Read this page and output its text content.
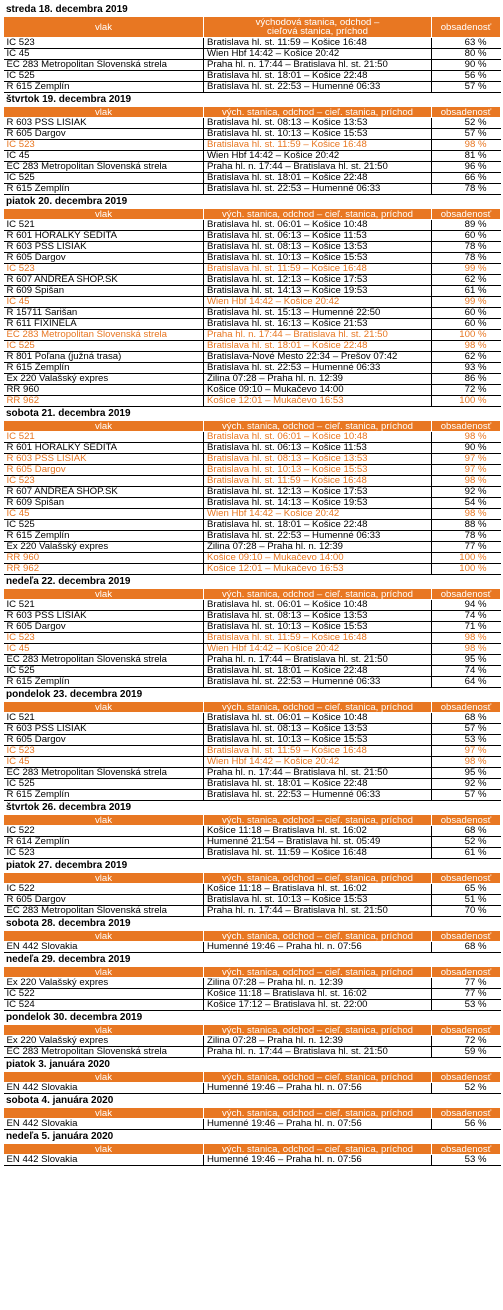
streda 18. decembra 2019
vlak	východová stanica, odchod –
cieľová stanica, príchod	obsadenosť
IC 523	Bratislava hl. st. 11:59 – Košice 16:48	63 %
IC 45	Wien Hbf 14:42 – Košice 20:42	80 %
EC 283 Metropolitan Slovenská strela	Praha hl. n. 17:44 – Bratislava hl. st. 21:50	90 %
IC 525	Bratislava hl. st. 18:01 – Košice 22:48	56 %
R 615 Zemplín	Bratislava hl. st. 22:53 – Humenné 06:33	57 %
štvrtok 19. decembra 2019
vlak	vých. stanica, odchod – cieľ. stanica, príchod	obsadenosť
R 603 PSS LIŠIAK	Bratislava hl. st. 08:13 – Košice 13:53	52 %
R 605 Dargov	Bratislava hl. st. 10:13 – Košice 15:53	57 %
IC 523	Bratislava hl. st. 11:59 – Košice 16:48	98 %
IC 45	Wien Hbf 14:42 – Košice 20:42	81 %
EC 283 Metropolitan Slovenská strela	Praha hl. n. 17:44 – Bratislava hl. st. 21:50	96 %
IC 525	Bratislava hl. st. 18:01 – Košice 22:48	66 %
R 615 Zemplín	Bratislava hl. st. 22:53 – Humenné 06:33	78 %
piatok 20. decembra 2019
vlak	vých. stanica, odchod – cieľ. stanica, príchod	obsadenosť
IC 521	Bratislava hl. st. 06:01 – Košice 10:48	89 %
R 601 HORALKY SEDITA	Bratislava hl. st. 06:13 – Košice 11:53	60 %
R 603 PSS LIŠIAK	Bratislava hl. st. 08:13 – Košice 13:53	78 %
R 605 Dargov	Bratislava hl. st. 10:13 – Košice 15:53	78 %
IC 523	Bratislava hl. st. 11:59 – Košice 16:48	99 %
R 607 ANDREA SHOP.SK	Bratislava hl. st. 12:13 – Košice 17:53	62 %
R 609 Spišan	Bratislava hl. st. 14:13 – Košice 19:53	61 %
IC 45	Wien Hbf 14:42 – Košice 20:42	99 %
R 15711 Šarišan	Bratislava hl. st. 15:13 – Humenné 22:50	60 %
R 611 FIXINELA	Bratislava hl. st. 16:13 – Košice 21:53	60 %
EC 283 Metropolitan Slovenská strela	Praha hl. n. 17:44 – Bratislava hl. st. 21:50	100 %
IC 525	Bratislava hl. st. 18:01 – Košice 22:48	98 %
R 801 Poľana (južná trasa)	Bratislava-Nové Mesto 22:34 – Prešov 07:42	62 %
R 615 Zemplín	Bratislava hl. st. 22:53 – Humenné 06:33	93 %
Ex 220 Valašský expres	Žilina 07:28 – Praha hl. n. 12:39	86 %
RR 960	Košice 09:10 – Mukačevo 14:00	72 %
RR 962	Košice 12:01 – Mukačevo 16:53	100 %
sobota 21. decembra 2019
vlak	vých. stanica, odchod – cieľ. stanica, príchod	obsadenosť
IC 521	Bratislava hl. st. 06:01 – Košice 10:48	98 %
R 601 HORALKY SEDITA	Bratislava hl. st. 06:13 – Košice 11:53	90 %
R 603 PSS LIŠIAK	Bratislava hl. st. 08:13 – Košice 13:53	97 %
R 605 Dargov	Bratislava hl. st. 10:13 – Košice 15:53	97 %
IC 523	Bratislava hl. st. 11:59 – Košice 16:48	98 %
R 607 ANDREA SHOP.SK	Bratislava hl. st. 12:13 – Košice 17:53	92 %
R 609 Spišan	Bratislava hl. st. 14:13 – Košice 19:53	54 %
IC 45	Wien Hbf 14:42 – Košice 20:42	98 %
IC 525	Bratislava hl. st. 18:01 – Košice 22:48	88 %
R 615 Zemplín	Bratislava hl. st. 22:53 – Humenné 06:33	78 %
Ex 220 Valašský expres	Žilina 07:28 – Praha hl. n. 12:39	77 %
RR 960	Košice 09:10 – Mukačevo 14:00	100 %
RR 962	Košice 12:01 – Mukačevo 16:53	100 %
nedeľa 22. decembra 2019
vlak	vých. stanica, odchod – cieľ. stanica, príchod	obsadenosť
IC 521	Bratislava hl. st. 06:01 – Košice 10:48	94 %
R 603 PSS LIŠIAK	Bratislava hl. st. 08:13 – Košice 13:53	74 %
R 605 Dargov	Bratislava hl. st. 10:13 – Košice 15:53	71 %
IC 523	Bratislava hl. st. 11:59 – Košice 16:48	98 %
IC 45	Wien Hbf 14:42 – Košice 20:42	98 %
EC 283 Metropolitan Slovenská strela	Praha hl. n. 17:44 – Bratislava hl. st. 21:50	95 %
IC 525	Bratislava hl. st. 18:01 – Košice 22:48	74 %
R 615 Zemplín	Bratislava hl. st. 22:53 – Humenné 06:33	64 %
pondelok 23. decembra 2019
vlak	vých. stanica, odchod – cieľ. stanica, príchod	obsadenosť
IC 521	Bratislava hl. st. 06:01 – Košice 10:48	68 %
R 603 PSS LIŠIAK	Bratislava hl. st. 08:13 – Košice 13:53	57 %
R 605 Dargov	Bratislava hl. st. 10:13 – Košice 15:53	53 %
IC 523	Bratislava hl. st. 11:59 – Košice 16:48	97 %
IC 45	Wien Hbf 14:42 – Košice 20:42	98 %
EC 283 Metropolitan Slovenská strela	Praha hl. n. 17:44 – Bratislava hl. st. 21:50	95 %
IC 525	Bratislava hl. st. 18:01 – Košice 22:48	92 %
R 615 Zemplín	Bratislava hl. st. 22:53 – Humenné 06:33	57 %
štvrtok 26. decembra 2019
vlak	vých. stanica, odchod – cieľ. stanica, príchod	obsadenosť
IC 522	Košice 11:18 – Bratislava hl. st. 16:02	68 %
R 614 Zemplín	Humenné 21:54 – Bratislava hl. st. 05:49	52 %
IC 523	Bratislava hl. st. 11:59 – Košice 16:48	61 %
piatok 27. decembra 2019
vlak	vých. stanica, odchod – cieľ. stanica, príchod	obsadenosť
IC 522	Košice 11:18 – Bratislava hl. st. 16:02	65 %
R 605 Dargov	Bratislava hl. st. 10:13 – Košice 15:53	51 %
EC 283 Metropolitan Slovenská strela	Praha hl. n. 17:44 – Bratislava hl. st. 21:50	70 %
sobota 28. decembra 2019
vlak	vých. stanica, odchod – cieľ. stanica, príchod	obsadenosť
EN 442 Slovakia	Humenné 19:46 – Praha hl. n. 07:56	68 %
nedeľa 29. decembra 2019
vlak	vých. stanica, odchod – cieľ. stanica, príchod	obsadenosť
Ex 220 Valašský expres	Žilina 07:28 – Praha hl. n. 12:39	77 %
IC 522	Košice 11:18 – Bratislava hl. st. 16:02	77 %
IC 524	Košice 17:12 – Bratislava hl. st. 22:00	53 %
pondelok 30. decembra 2019
vlak	vých. stanica, odchod – cieľ. stanica, príchod	obsadenosť
Ex 220 Valašský expres	Žilina 07:28 – Praha hl. n. 12:39	72 %
EC 283 Metropolitan Slovenská strela	Praha hl. n. 17:44 – Bratislava hl. st. 21:50	59 %
piatok 3. januára 2020
vlak	vých. stanica, odchod – cieľ. stanica, príchod	obsadenosť
EN 442 Slovakia	Humenné 19:46 – Praha hl. n. 07:56	52 %
sobota 4. januára 2020
vlak	vých. stanica, odchod – cieľ. stanica, príchod	obsadenosť
EN 442 Slovakia	Humenné 19:46 – Praha hl. n. 07:56	56 %
nedeľa 5. januára 2020
vlak	vých. stanica, odchod – cieľ. stanica, príchod	obsadenosť
EN 442 Slovakia	Humenné 19:46 – Praha hl. n. 07:56	53 %
